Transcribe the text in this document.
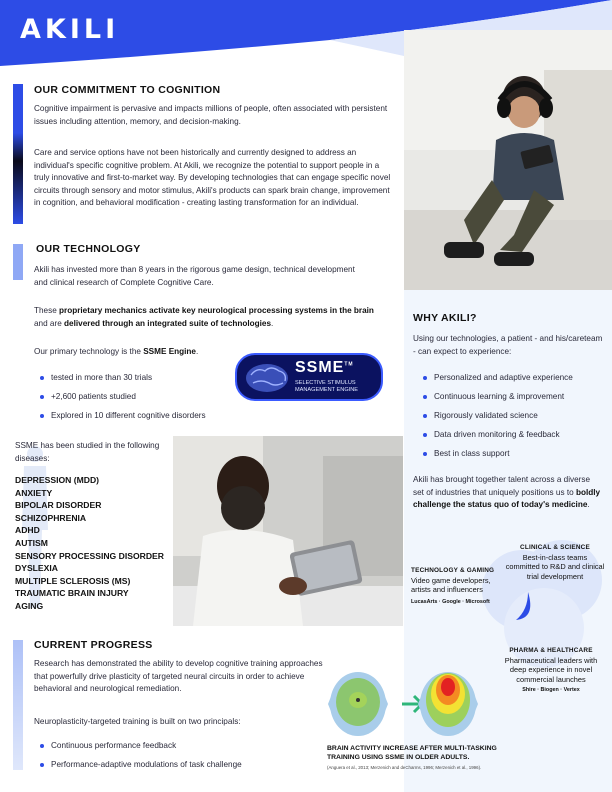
AKILI
OUR COMMITMENT TO COGNITION
Cognitive impairment is pervasive and impacts millions of people, often associated with persistent issues including attention, memory, and decision-making.
Care and service options have not been historically and currently designed to address an individual's specific cognitive problem. At Akili, we recognize the potential to support people in a truly innovative and first-to-market way. By developing technologies that can engage specific novel circuits through sensory and motor stimulus, Akili's products can spark brain change, improvement in cognition, and behavioral modification - creating lasting transformation for an individual.
OUR TECHNOLOGY
Akili has invested more than 8 years in the rigorous game design, technical development and clinical research of Complete Cognitive Care.
These proprietary mechanics activate key neurological processing systems in the brain and are delivered through an integrated suite of technologies.
Our primary technology is the SSME Engine.
tested in more than 30 trials
+2,600 patients studied
Explored in 10 different cognitive disorders
SSME™
SELECTIVE STIMULUS
MANAGEMENT ENGINE
SSME has been studied in the following diseases:
DEPRESSION (MDD)
ANXIETY
BIPOLAR DISORDER
SCHIZOPHRENIA
ADHD
AUTISM
SENSORY PROCESSING DISORDER
DYSLEXIA
MULTIPLE SCLEROSIS (MS)
TRAUMATIC BRAIN INJURY
AGING
WHY AKILI?
Using our technologies, a patient - and his/careteam - can expect to experience:
Personalized and adaptive experience
Continuous learning & improvement
Rigorously validated science
Data driven monitoring & feedback
Best in class support
Akili has brought together talent across a diverse set of industries that uniquely positions us to boldly challenge the status quo of today's medicine.
TECHNOLOGY & GAMING
Video game developers,
artists and influencers
LucasArts · Google · Microsoft
CLINICAL & SCIENCE
Best-in-class teams
committed to R&D and clinical
trial development
PHARMA & HEALTHCARE
Pharmaceutical leaders with
deep experience in novel
commercial launches
Shire · Biogen · Vertex
CURRENT PROGRESS
Research has demonstrated the ability to develop cognitive training approaches that powerfully drive plasticity of targeted neural circuits in order to achieve behavioral and neurological remediation.
Neuroplasticity-targeted training is built on two principals:
Continuous performance feedback
Performance-adaptive modulations of task challenge
BRAIN ACTIVITY INCREASE AFTER MULTI-TASKING
TRAINING USING SSME IN OLDER ADULTS.
(Anguera et al., 2013; Merzenich and deCharms, 1996; Merzenich et al., 1996).
